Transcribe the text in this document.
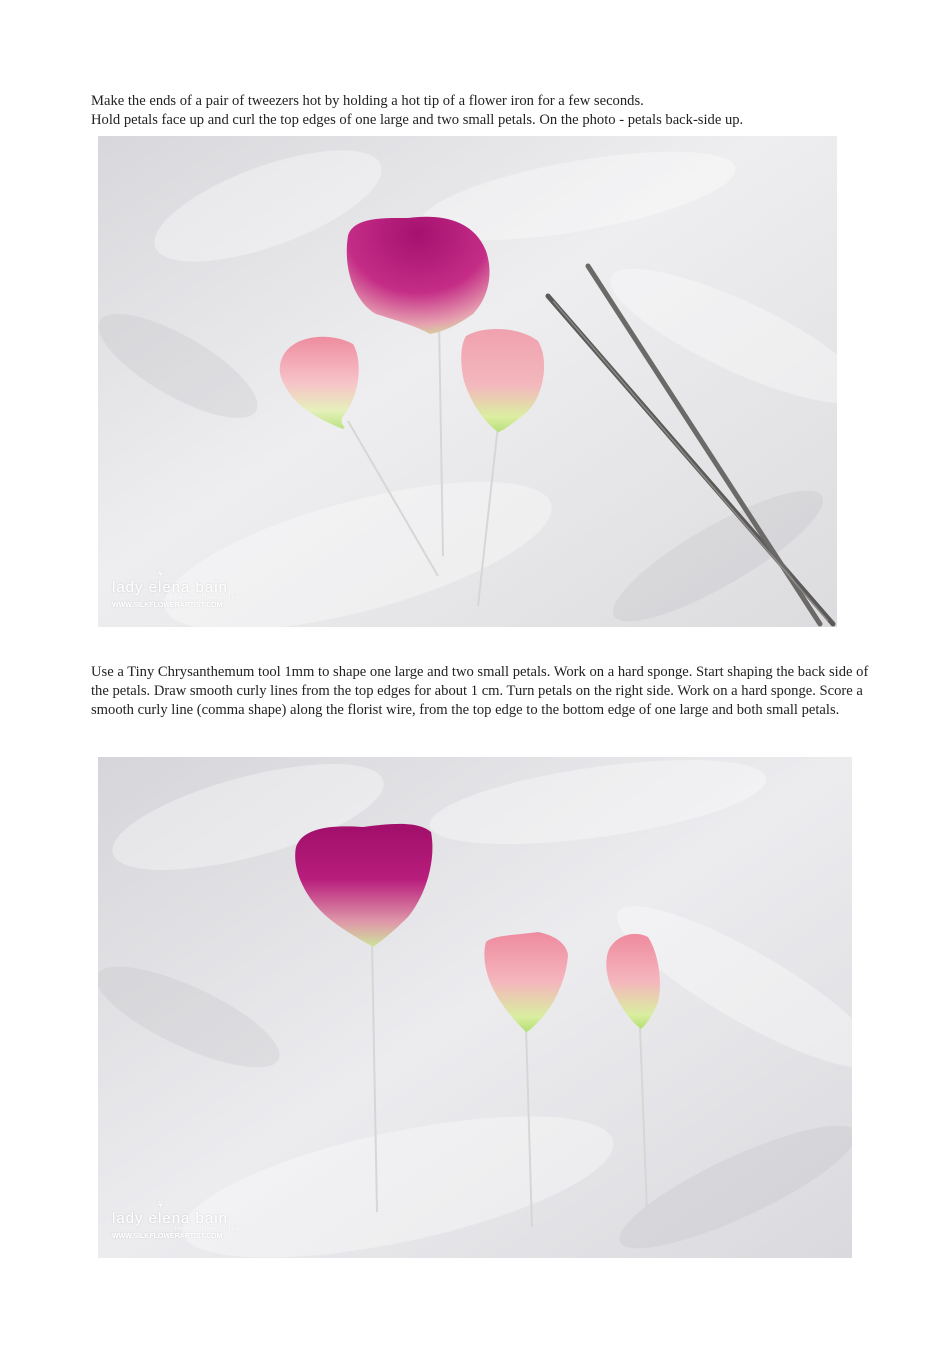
Make the ends of a pair of tweezers hot by holding a hot tip of a flower iron for a few seconds.

Hold petals face up and curl the top edges of one large and two small petals. On the photo - petals back-side up.

⚘
lady elena bain
the silk flower artist
WWW.SILKFLOWERARTIST.COM

Use a Tiny Chrysanthemum tool 1mm to shape one large and two small petals. Work on a hard sponge. Start shaping the back side of the petals. Draw smooth curly lines from the top edges for about 1 cm. Turn petals on the right side. Work on a hard sponge. Score a smooth curly line (comma shape) along the florist wire, from the top edge to the bottom edge of one large and both small petals.

⚘
lady elena bain
the silk flower artist
WWW.SILKFLOWERARTIST.COM
